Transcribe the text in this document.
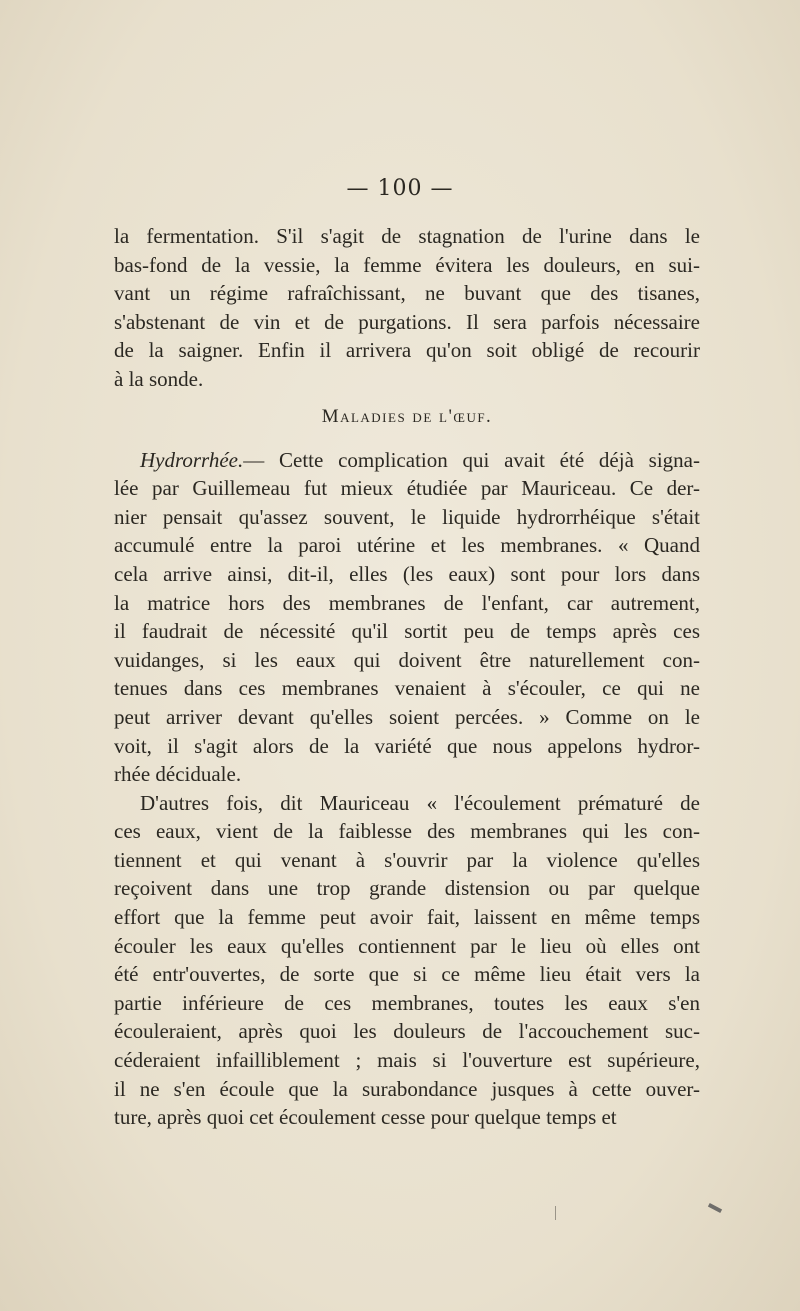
— 100 —
la fermentation. S'il s'agit de stagnation de l'urine dans le
bas-fond de la vessie, la femme évitera les douleurs, en sui-
vant un régime rafraîchissant, ne buvant que des tisanes,
s'abstenant de vin et de purgations. Il sera parfois nécessaire
de la saigner. Enfin il arrivera qu'on soit obligé de recourir
à la sonde.
Maladies de l'œuf.
Hydrorrhée.— Cette complication qui avait été déjà signa-
lée par Guillemeau fut mieux étudiée par Mauriceau. Ce der-
nier pensait qu'assez souvent, le liquide hydrorrhéique s'était
accumulé entre la paroi utérine et les membranes. « Quand
cela arrive ainsi, dit-il, elles (les eaux) sont pour lors dans
la matrice hors des membranes de l'enfant, car autrement,
il faudrait de nécessité qu'il sortit peu de temps après ces
vuidanges, si les eaux qui doivent être naturellement con-
tenues dans ces membranes venaient à s'écouler, ce qui ne
peut arriver devant qu'elles soient percées. » Comme on le
voit, il s'agit alors de la variété que nous appelons hydror-
rhée déciduale.
D'autres fois, dit Mauriceau « l'écoulement prématuré de
ces eaux, vient de la faiblesse des membranes qui les con-
tiennent et qui venant à s'ouvrir par la violence qu'elles
reçoivent dans une trop grande distension ou par quelque
effort que la femme peut avoir fait, laissent en même temps
écouler les eaux qu'elles contiennent par le lieu où elles ont
été entr'ouvertes, de sorte que si ce même lieu était vers la
partie inférieure de ces membranes, toutes les eaux s'en
écouleraient, après quoi les douleurs de l'accouchement suc-
céderaient infailliblement ; mais si l'ouverture est supérieure,
il ne s'en écoule que la surabondance jusques à cette ouver-
ture, après quoi cet écoulement cesse pour quelque temps et
